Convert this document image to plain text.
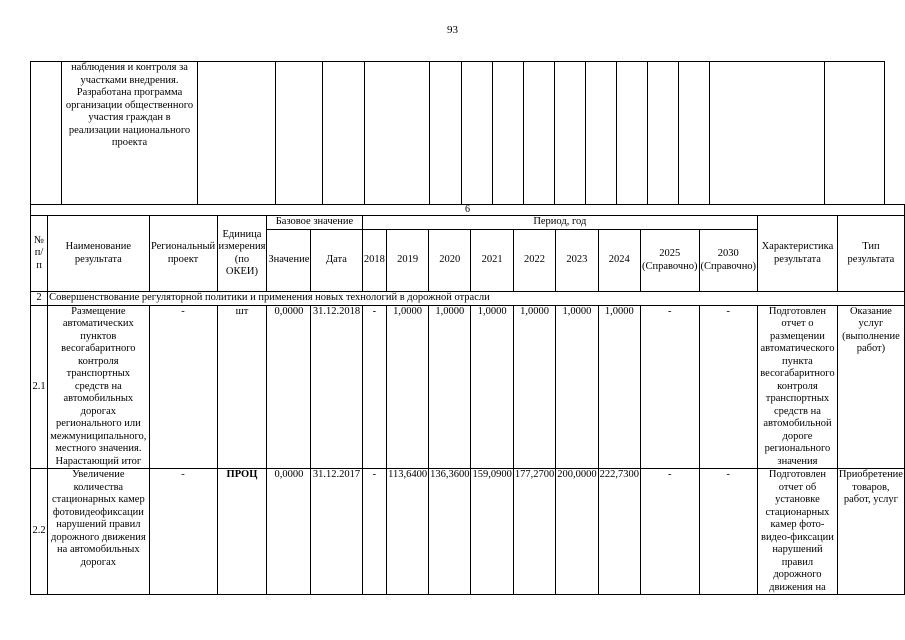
93
	наблюдения и контроля за участками внедрения. Разработана программа организации общественного участия граждан в реализации национального проекта															
6																
№ п/п	Наименование результата	Региональный проект	Единица измерения (по ОКЕИ)	Базовое значение		Период, год									Характеристика результата	Тип результата
				Значение	Дата	2018	2019	2020	2021	2022	2023	2024	2025 (Справочно)	2030 (Справочно)		
2	Совершенствование регуляторной политики и применения новых технологий в дорожной отрасли															
2.1	Размещение автоматических пунктов весогабаритного контроля транспортных средств на автомобильных дорогах регионального или межмуниципального, местного значения. Нарастающий итог	-	шт	0,0000	31.12.2018	-	1,0000	1,0000	1,0000	1,0000	1,0000	1,0000	-	-	Подготовлен отчет о размещении автоматического пункта весогабаритного контроля транспортных средств на автомобильной дороге регионального значения	Оказание услуг (выполнение работ)
2.2	Увеличение количества стационарных камер фотовидеофиксации нарушений правил дорожного движения на автомобильных дорогах	-	ПРОЦ	0,0000	31.12.2017	-	113,6400	136,3600	159,0900	177,2700	200,0000	222,7300	-	-	Подготовлен отчет об установке стационарных камер фото-видео-фиксации нарушений правил дорожного движения на	Приобретение товаров, работ, услуг
